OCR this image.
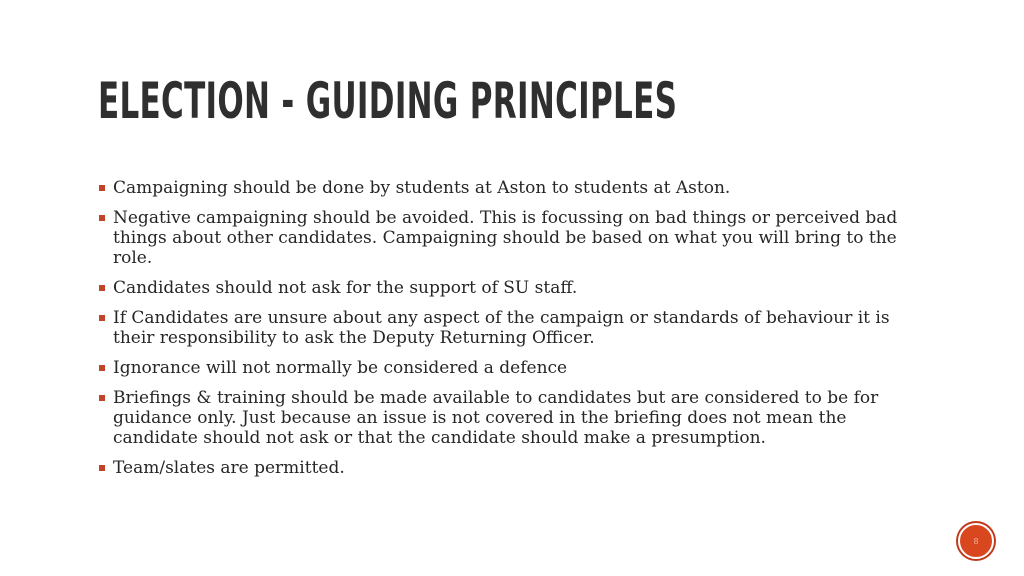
ELECTION - GUIDING PRINCIPLES
Campaigning should be done by students at Aston to students at Aston.
Negative campaigning should be avoided. This is focussing on bad things or perceived bad things about other candidates. Campaigning should be based on what you will bring to the role.
Candidates should not ask for the support of SU staff.
If Candidates are unsure about any aspect of the campaign or standards of behaviour it is their responsibility to ask the Deputy Returning Officer.
Ignorance will not normally be considered a defence
Briefings & training should be made available to candidates but are considered to be for guidance only. Just because an issue is not covered in the briefing does not mean the candidate should not ask or that the candidate should make a presumption.
Team/slates are permitted.
8
